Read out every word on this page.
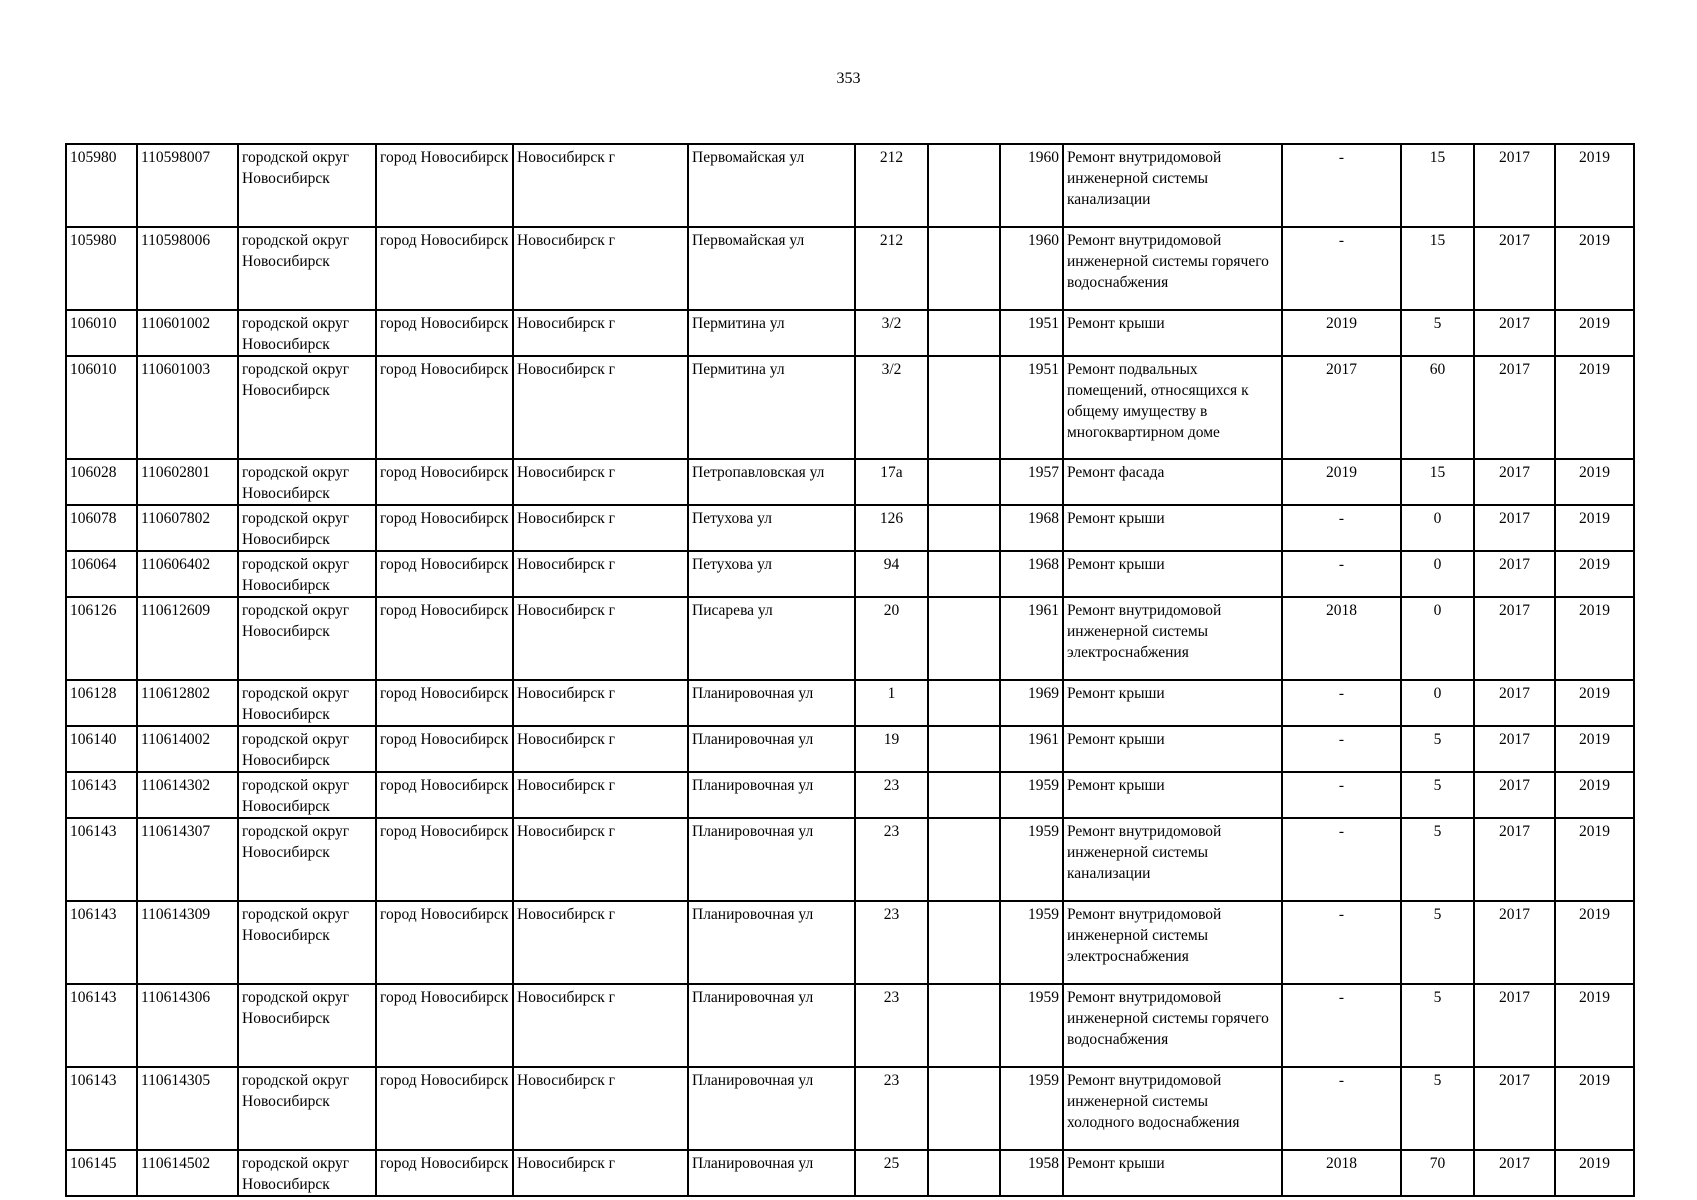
353
105980	110598007	городской округ Новосибирск	город Новосибирск	Новосибирск г	Первомайская ул	212		1960	Ремонт внутридомовой инженерной системы канализации	-	15	2017	2019
105980	110598006	городской округ Новосибирск	город Новосибирск	Новосибирск г	Первомайская ул	212		1960	Ремонт внутридомовой инженерной системы горячего водоснабжения	-	15	2017	2019
106010	110601002	городской округ Новосибирск	город Новосибирск	Новосибирск г	Пермитина ул	3/2		1951	Ремонт крыши	2019	5	2017	2019
106010	110601003	городской округ Новосибирск	город Новосибирск	Новосибирск г	Пермитина ул	3/2		1951	Ремонт подвальных помещений, относящихся к общему имуществу в многоквартирном доме	2017	60	2017	2019
106028	110602801	городской округ Новосибирск	город Новосибирск	Новосибирск г	Петропавловская ул	17а		1957	Ремонт фасада	2019	15	2017	2019
106078	110607802	городской округ Новосибирск	город Новосибирск	Новосибирск г	Петухова ул	126		1968	Ремонт крыши	-	0	2017	2019
106064	110606402	городской округ Новосибирск	город Новосибирск	Новосибирск г	Петухова ул	94		1968	Ремонт крыши	-	0	2017	2019
106126	110612609	городской округ Новосибирск	город Новосибирск	Новосибирск г	Писарева ул	20		1961	Ремонт внутридомовой инженерной системы электроснабжения	2018	0	2017	2019
106128	110612802	городской округ Новосибирск	город Новосибирск	Новосибирск г	Планировочная ул	1		1969	Ремонт крыши	-	0	2017	2019
106140	110614002	городской округ Новосибирск	город Новосибирск	Новосибирск г	Планировочная ул	19		1961	Ремонт крыши	-	5	2017	2019
106143	110614302	городской округ Новосибирск	город Новосибирск	Новосибирск г	Планировочная ул	23		1959	Ремонт крыши	-	5	2017	2019
106143	110614307	городской округ Новосибирск	город Новосибирск	Новосибирск г	Планировочная ул	23		1959	Ремонт внутридомовой инженерной системы канализации	-	5	2017	2019
106143	110614309	городской округ Новосибирск	город Новосибирск	Новосибирск г	Планировочная ул	23		1959	Ремонт внутридомовой инженерной системы электроснабжения	-	5	2017	2019
106143	110614306	городской округ Новосибирск	город Новосибирск	Новосибирск г	Планировочная ул	23		1959	Ремонт внутридомовой инженерной системы горячего водоснабжения	-	5	2017	2019
106143	110614305	городской округ Новосибирск	город Новосибирск	Новосибирск г	Планировочная ул	23		1959	Ремонт внутридомовой инженерной системы холодного водоснабжения	-	5	2017	2019
106145	110614502	городской округ Новосибирск	город Новосибирск	Новосибирск г	Планировочная ул	25		1958	Ремонт крыши	2018	70	2017	2019
